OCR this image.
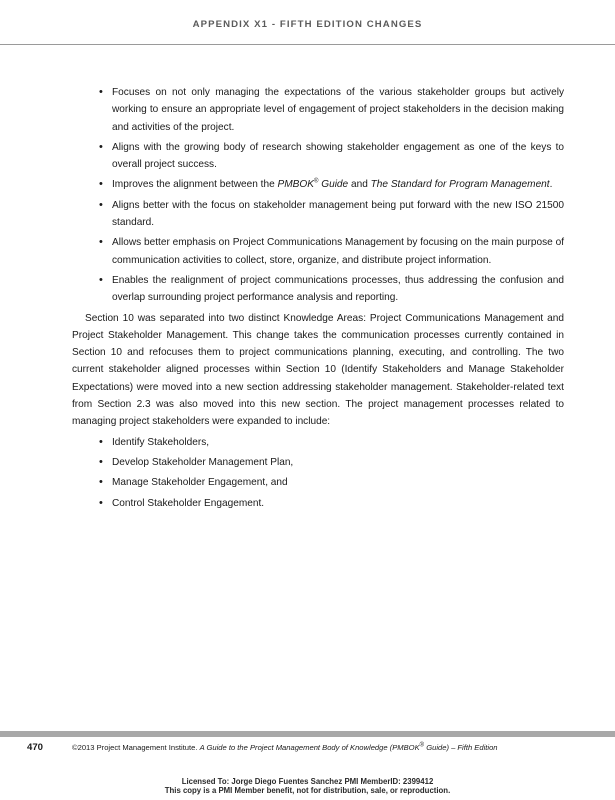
APPENDIX X1 - FIFTH EDITION CHANGES
• Focuses on not only managing the expectations of the various stakeholder groups but actively working to ensure an appropriate level of engagement of project stakeholders in the decision making and activities of the project.
• Aligns with the growing body of research showing stakeholder engagement as one of the keys to overall project success.
• Improves the alignment between the PMBOK® Guide and The Standard for Program Management.
• Aligns better with the focus on stakeholder management being put forward with the new ISO 21500 standard.
• Allows better emphasis on Project Communications Management by focusing on the main purpose of communication activities to collect, store, organize, and distribute project information.
• Enables the realignment of project communications processes, thus addressing the confusion and overlap surrounding project performance analysis and reporting.

Section 10 was separated into two distinct Knowledge Areas: Project Communications Management and Project Stakeholder Management. This change takes the communication processes currently contained in Section 10 and refocuses them to project communications planning, executing, and controlling. The two current stakeholder aligned processes within Section 10 (Identify Stakeholders and Manage Stakeholder Expectations) were moved into a new section addressing stakeholder management. Stakeholder-related text from Section 2.3 was also moved into this new section. The project management processes related to managing project stakeholders were expanded to include:

• Identify Stakeholders,
• Develop Stakeholder Management Plan,
• Manage Stakeholder Engagement, and
• Control Stakeholder Engagement.
470	©2013 Project Management Institute. A Guide to the Project Management Body of Knowledge (PMBOK® Guide) – Fifth Edition
Licensed To: Jorge Diego Fuentes Sanchez PMI MemberID: 2399412
This copy is a PMI Member benefit, not for distribution, sale, or reproduction.
